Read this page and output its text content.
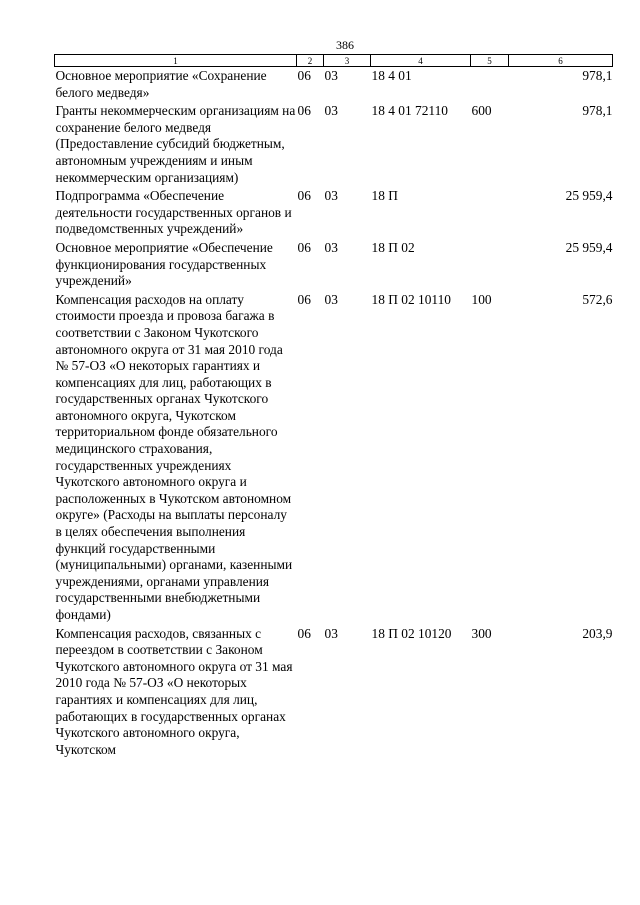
386
1	2	3	4	5	6
Основное мероприятие «Сохранение белого медведя»	06	03	18 4 01		978,1
Гранты некоммерческим организациям на сохранение белого медведя (Предоставление субсидий бюджетным, автономным учреждениям и иным некоммерческим организациям)	06	03	18 4 01 72110	600	978,1
Подпрограмма «Обеспечение деятельности государственных органов и подведомственных учреждений»	06	03	18 П		25 959,4
Основное мероприятие «Обеспечение функционирования государственных учреждений»	06	03	18 П 02		25 959,4
Компенсация расходов на оплату стоимости проезда и провоза багажа в соответствии с Законом Чукотского автономного округа от 31 мая 2010 года № 57-ОЗ «О некоторых гарантиях и компенсациях для лиц, работающих в государственных органах Чукотского автономного округа, Чукотском территориальном фонде обязательного медицинского страхования, государственных учреждениях Чукотского автономного округа и расположенных в Чукотском автономном округе» (Расходы на выплаты персоналу в целях обеспечения выполнения функций государственными (муниципальными) органами, казенными учреждениями, органами управления государственными внебюджетными фондами)	06	03	18 П 02 10110	100	572,6
Компенсация расходов, связанных с переездом в соответствии с Законом Чукотского автономного округа от 31 мая 2010 года № 57-ОЗ «О некоторых гарантиях и компенсациях для лиц, работающих в государственных органах Чукотского автономного округа, Чукотском	06	03	18 П 02 10120	300	203,9
